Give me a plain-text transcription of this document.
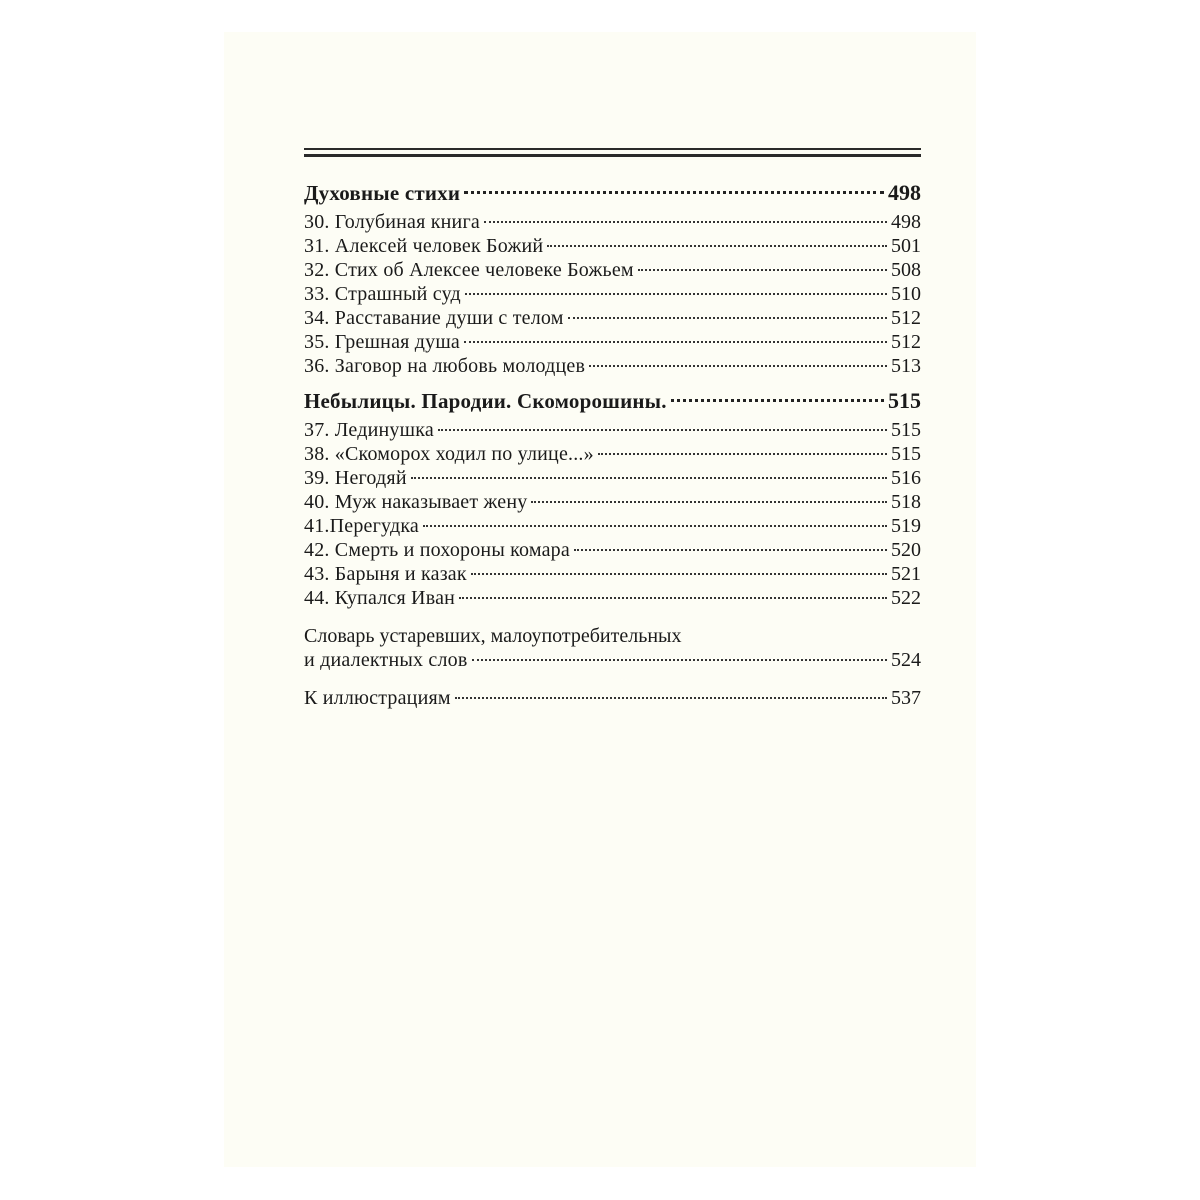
Духовные стихи	498
30. Голубиная книга	498
31. Алексей человек Божий	501
32. Стих об Алексее человеке Божьем	508
33. Страшный суд	510
34. Расставание души с телом	512
35. Грешная душа	512
36. Заговор на любовь молодцев	513
Небылицы. Пародии. Скоморошины.	515
37. Лединушка	515
38. «Скоморох ходил по улице...»	515
39. Негодяй	516
40. Муж наказывает жену	518
41.Перегудка	519
42. Смерть и похороны комара	520
43. Барыня и казак	521
44. Купался Иван	522
Словарь устаревших, малоупотребительных
и диалектных слов	524
К иллюстрациям	537
